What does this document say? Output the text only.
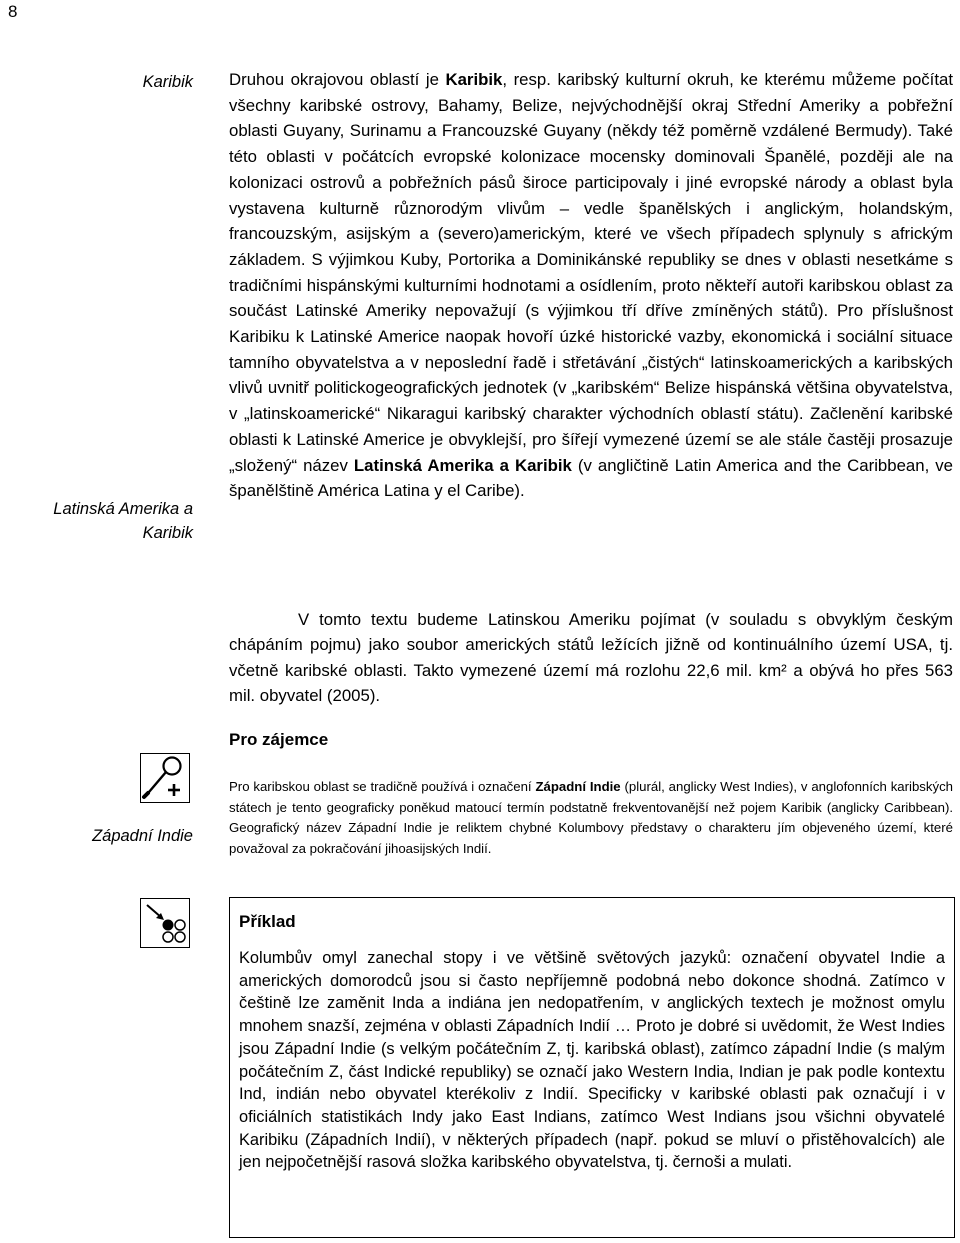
8
Karibik
Latinská Amerika a Karibik
Západní Indie

Druhou okrajovou oblastí je Karibik, resp. karibský kulturní okruh, ke kterému můžeme počítat všechny karibské ostrovy, Bahamy, Belize, nejvýchodnější okraj Střední Ameriky a pobřežní oblasti Guyany, Surinamu a Francouzské Guyany (někdy též poměrně vzdálené Bermudy). Také této oblasti v počátcích evropské kolonizace mocensky dominovali Španělé, později ale na kolonizaci ostrovů a pobřežních pásů široce participovaly i jiné evropské národy a oblast byla vystavena kulturně různorodým vlivům – vedle španělských i anglickým, holandským, francouzským, asijským a (severo)americkým, které ve všech případech splynuly s africkým základem. S výjimkou Kuby, Portorika a Dominikánské republiky se dnes v oblasti nesetkáme s tradičními hispánskými kulturními hodnotami a osídlením, proto někteří autoři karibskou oblast za součást Latinské Ameriky nepovažují (s výjimkou tří dříve zmíněných států). Pro příslušnost Karibiku k Latinské Americe naopak hovoří úzké historické vazby, ekonomická i sociální situace tamního obyvatelstva a v neposlední řadě i střetávání „čistých“ latinskoamerických a karibských vlivů uvnitř politickogeografických jednotek (v „karibském“ Belize hispánská většina obyvatelstva, v „latinskoamerické“ Nikaragui karibský charakter východních oblastí státu). Začlenění karibské oblasti k Latinské Americe je obvyklejší, pro šířejí vymezené území se ale stále častěji prosazuje „složený“ název Latinská Amerika a Karibik (v angličtině Latin America and the Caribbean, ve španělštině América Latina y el Caribe).

V tomto textu budeme Latinskou Ameriku pojímat (v souladu s obvyklým českým chápáním pojmu) jako soubor amerických států ležících jižně od kontinuálního území USA, tj. včetně karibské oblasti. Takto vymezené území má rozlohu 22,6 mil. km² a obývá ho přes 563 mil. obyvatel (2005).

Pro zájemce

Pro karibskou oblast se tradičně používá i označení Západní Indie (plurál, anglicky West Indies), v anglofonních karibských státech je tento geograficky poněkud matoucí termín podstatně frekventovanější než pojem Karibik (anglicky Caribbean). Geografický název Západní Indie je reliktem chybné Kolumbovy představy o charakteru jím objeveného území, které považoval za pokračování jihoasijských Indií.

Příklad

Kolumbův omyl zanechal stopy i ve většině světových jazyků: označení obyvatel Indie a amerických domorodců jsou si často nepříjemně podobná nebo dokonce shodná. Zatímco v češtině lze zaměnit Inda a indiána jen nedopatřením, v anglických textech je možnost omylu mnohem snazší, zejména v oblasti Západních Indií … Proto je dobré si uvědomit, že West Indies jsou Západní Indie (s velkým počátečním Z, tj. karibská oblast), zatímco západní Indie (s malým počátečním Z, část Indické republiky) se označí jako Western India, Indian je pak podle kontextu Ind, indián nebo obyvatel kterékoliv z Indií. Specificky v karibské oblasti pak označují i v oficiálních statistikách Indy jako East Indians, zatímco West Indians jsou všichni obyvatelé Karibiku (Západních Indií), v některých případech (např. pokud se mluví o přistěhovalcích) ale jen nejpočetnější rasová složka karibského obyvatelstva, tj. černoši a mulati.
